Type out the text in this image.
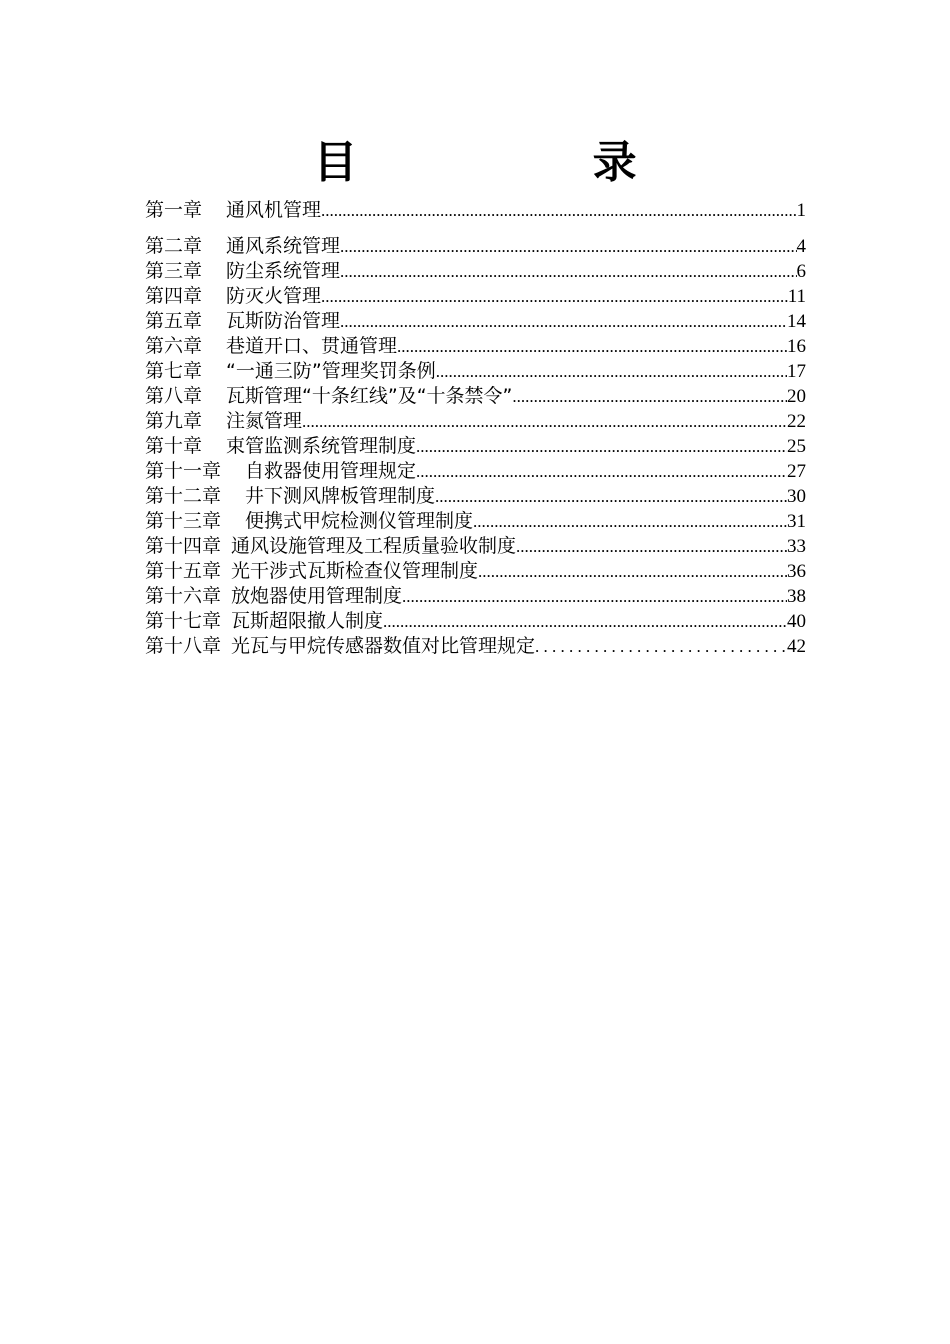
目 录
第一章 通风机管理 .....	1
第二章 通风系统管理 .....	4
第三章 防尘系统管理 .....	6
第四章 防灭火管理 .....	11
第五章 瓦斯防治管理 .....	14
第六章 巷道开口、贯通管理 .....	16
第七章 “一通三防”管理奖罚条例 .....	17
第八章 瓦斯管理“十条红线”及“十条禁令” .....	20
第九章 注氮管理 .....	22
第十章 束管监测系统管理制度 .....	25
第十一章 自救器使用管理规定 .....	27
第十二章 井下测风牌板管理制度 .....	30
第十三章 便携式甲烷检测仪管理制度 .....	31
第十四章 通风设施管理及工程质量验收制度 .....	33
第十五章 光干涉式瓦斯检查仪管理制度 .....	36
第十六章 放炮器使用管理制度 .....	38
第十七章 瓦斯超限撤人制度 .....	40
第十八章 光瓦与甲烷传感器数值对比管理规定 . . .	42
